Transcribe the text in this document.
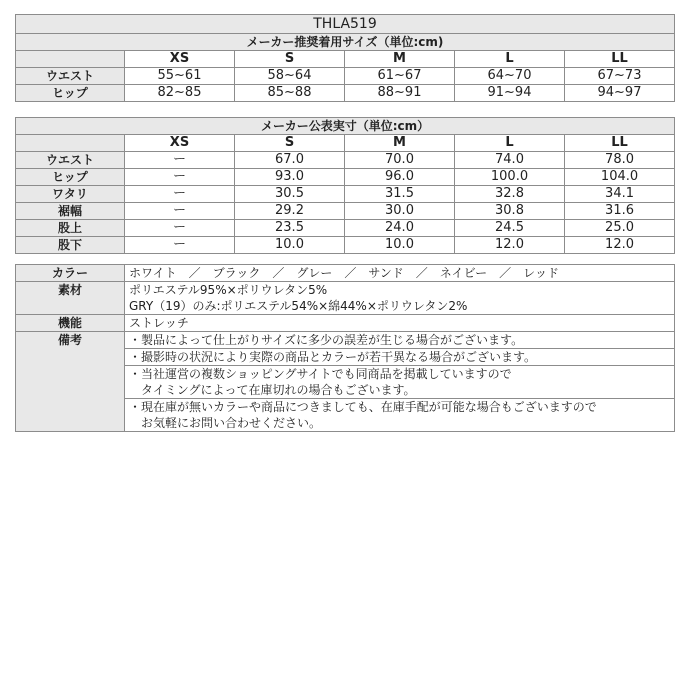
THLA519					
メーカー推奨着用サイズ（単位:cm)					
	XS	S	M	L	LL
ウエスト	55~61	58~64	61~67	64~70	67~73
ヒップ	82~85	85~88	88~91	91~94	94~97
メーカー公表実寸（単位:cm）					
	XS	S	M	L	LL
ウエスト	ー	67.0	70.0	74.0	78.0
ヒップ	ー	93.0	96.0	100.0	104.0
ワタリ	ー	30.5	31.5	32.8	34.1
裾幅	ー	29.2	30.0	30.8	31.6
股上	ー	23.5	24.0	24.5	25.0
股下	ー	10.0	10.0	12.0	12.0
カラー	ホワイト　／　ブラック　／　グレー　／　サンド　／　ネイビー　／　レッド
素材	ポリエステル95%×ポリウレタン5%
	GRY（19）のみ:ポリエステル54%×綿44%×ポリウレタン2%
機能	ストレッチ
備考	・製品によって仕上がりサイズに多少の誤差が生じる場合がございます。

	・撮影時の状況により実際の商品とカラーが若干異なる場合がございます。

	・当社運営の複数ショッピングサイトでも同商品を掲載していますので
　タイミングによって在庫切れの場合もございます。

	・現在庫が無いカラーや商品につきましても、在庫手配が可能な場合もございますので
　お気軽にお問い合わせください。
